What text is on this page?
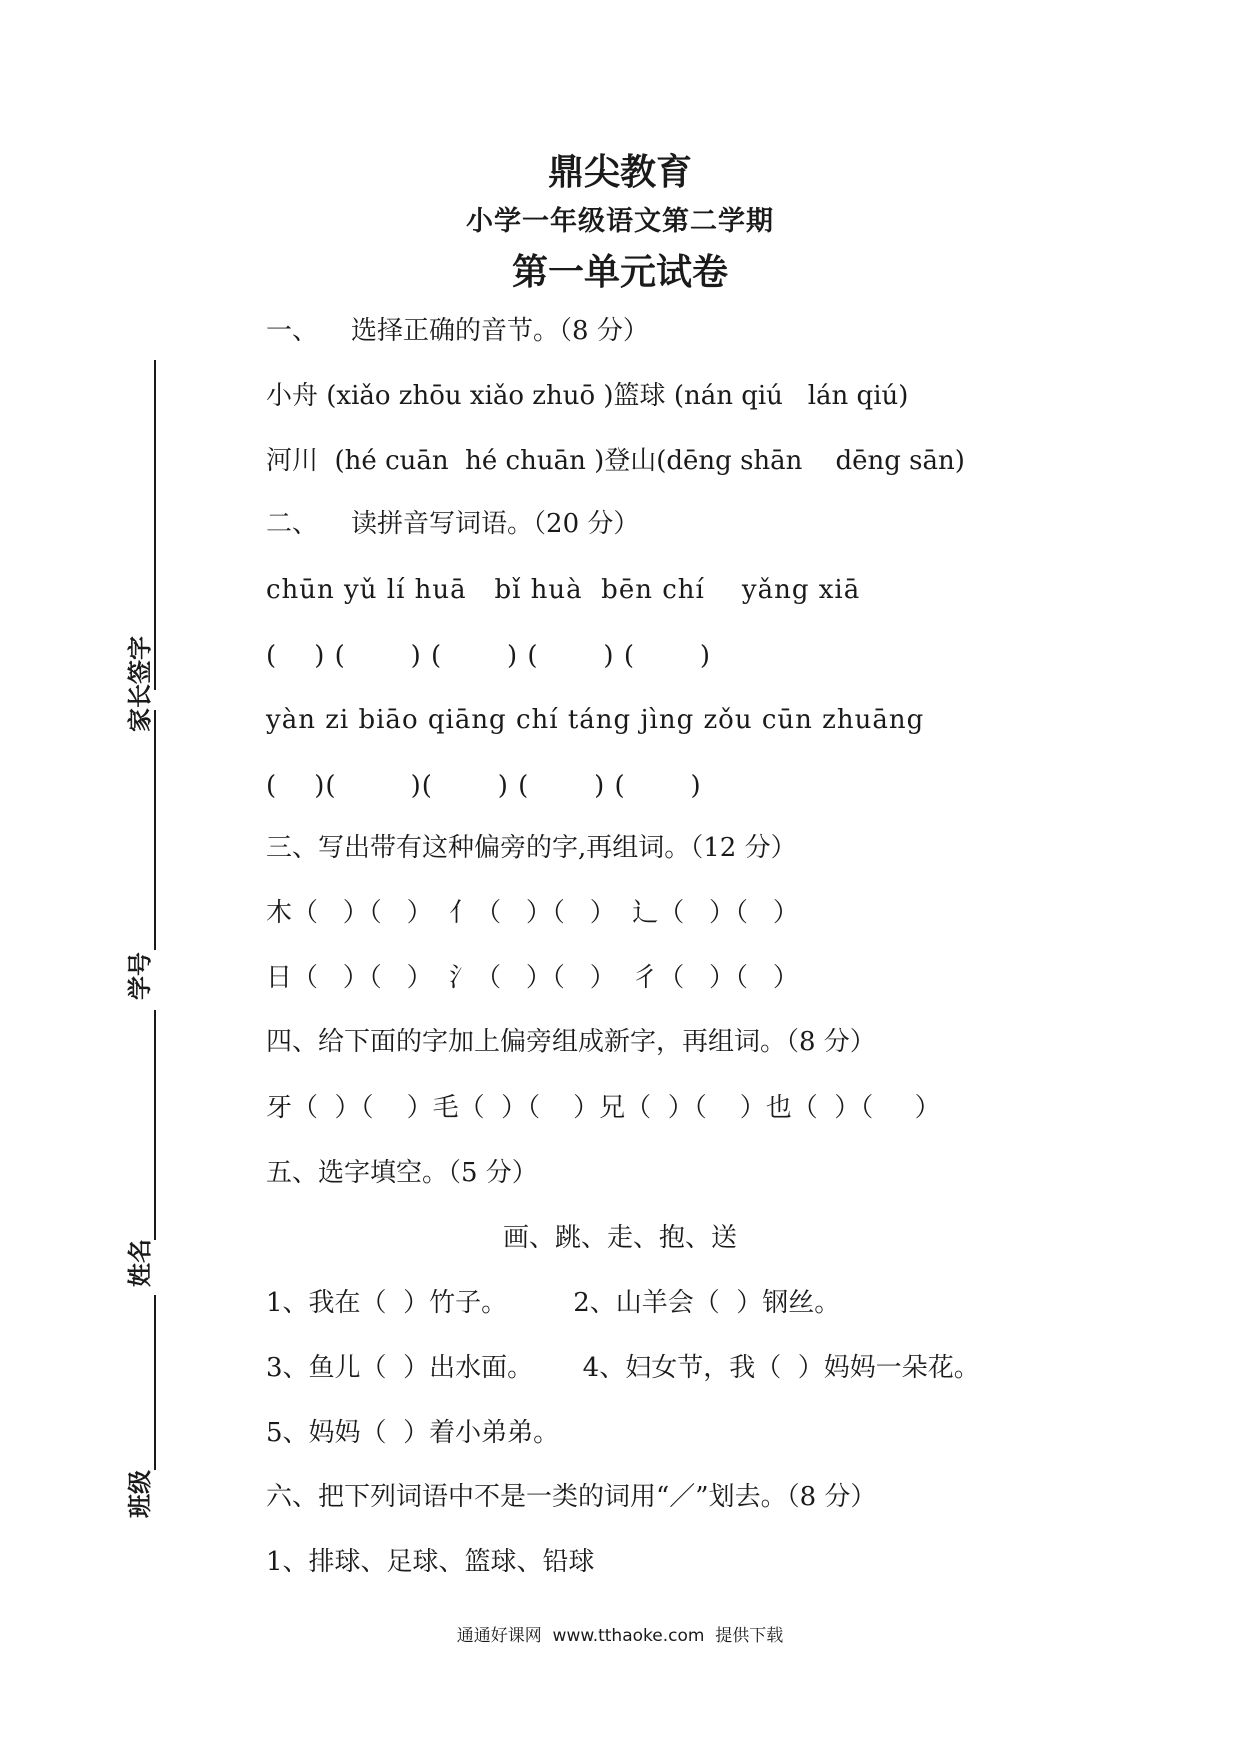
家长签字
学号
姓名
班级
鼎尖教育
小学一年级语文第二学期
第一单元试卷
一、    选择正确的音节。（8 分）
小舟 (xiǎo zhōu xiǎo zhuō )篮球 (nán qiú   lán qiú)
河川  (hé cuān  hé chuān )登山(dēng shān    dēng sān)
二、    读拼音写词语。（20 分）
chūn yǔ lí huā   bǐ huà  bēn chí    yǎng xiā
(    ) (       ) (       ) (       ) (       )
yàn zi biāo qiāng chí táng jìng zǒu cūn zhuāng
(    )(        )(       ) (       ) (       )
三、写出带有这种偏旁的字,再组词。（12 分）
木（   ）（   ）  亻（   ）（   ）  辶（   ）（   ）
日（   ）（   ）  氵（   ）（   ）  彳（   ）（   ）
四、给下面的字加上偏旁组成新字，再组词。（8 分）
牙（  ）（    ）毛（  ）（    ）兄（  ）（    ）也（  ）（     ）
五、选字填空。（5 分）
画、跳、走、抱、送
1、我在（  ）竹子。        2、山羊会（  ）钢丝。
3、鱼儿（  ）出水面。      4、妇女节，我（  ）妈妈一朵花。
5、妈妈（  ）着小弟弟。
六、把下列词语中不是一类的词用“／”划去。（8 分）
1、排球、足球、篮球、铅球
通通好课网  www.tthaoke.com  提供下载
